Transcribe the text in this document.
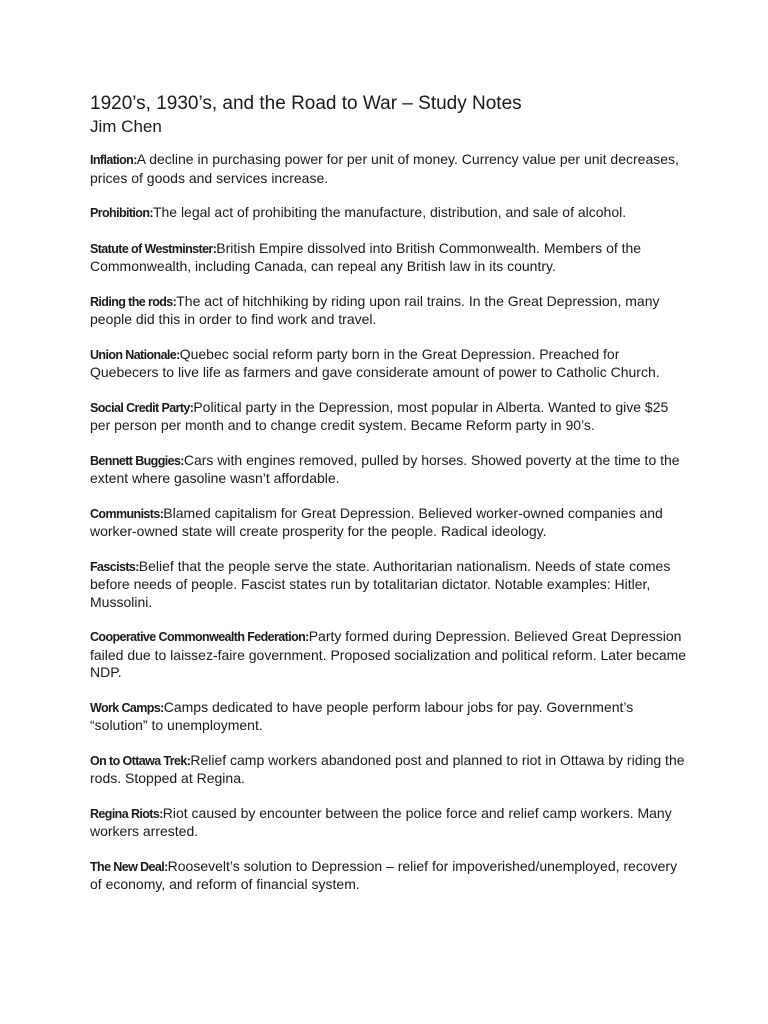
1920’s, 1930’s, and the Road to War – Study Notes
Jim Chen
Inflation:A decline in purchasing power for per unit of money. Currency value per unit decreases, prices of goods and services increase.
Prohibition:The legal act of prohibiting the manufacture, distribution, and sale of alcohol.
Statute of Westminster:British Empire dissolved into British Commonwealth. Members of the Commonwealth, including Canada, can repeal any British law in its country.
Riding the rods:The act of hitchhiking by riding upon rail trains. In the Great Depression, many people did this in order to find work and travel.
Union Nationale:Quebec social reform party born in the Great Depression. Preached for Quebecers to live life as farmers and gave considerate amount of power to Catholic Church.
Social Credit Party:Political party in the Depression, most popular in Alberta. Wanted to give $25 per person per month and to change credit system. Became Reform party in 90’s.
Bennett Buggies:Cars with engines removed, pulled by horses. Showed poverty at the time to the extent where gasoline wasn’t affordable.
Communists:Blamed capitalism for Great Depression. Believed worker-owned companies and worker-owned state will create prosperity for the people. Radical ideology.
Fascists:Belief that the people serve the state. Authoritarian nationalism. Needs of state comes before needs of people. Fascist states run by totalitarian dictator. Notable examples: Hitler, Mussolini.
Cooperative Commonwealth Federation:Party formed during Depression. Believed Great Depression failed due to laissez-faire government. Proposed socialization and political reform. Later became NDP.
Work Camps:Camps dedicated to have people perform labour jobs for pay. Government’s “solution” to unemployment.
On to Ottawa Trek:Relief camp workers abandoned post and planned to riot in Ottawa by riding the rods. Stopped at Regina.
Regina Riots:Riot caused by encounter between the police force and relief camp workers. Many workers arrested.
The New Deal:Roosevelt’s solution to Depression – relief for impoverished/unemployed, recovery of economy, and reform of financial system.
